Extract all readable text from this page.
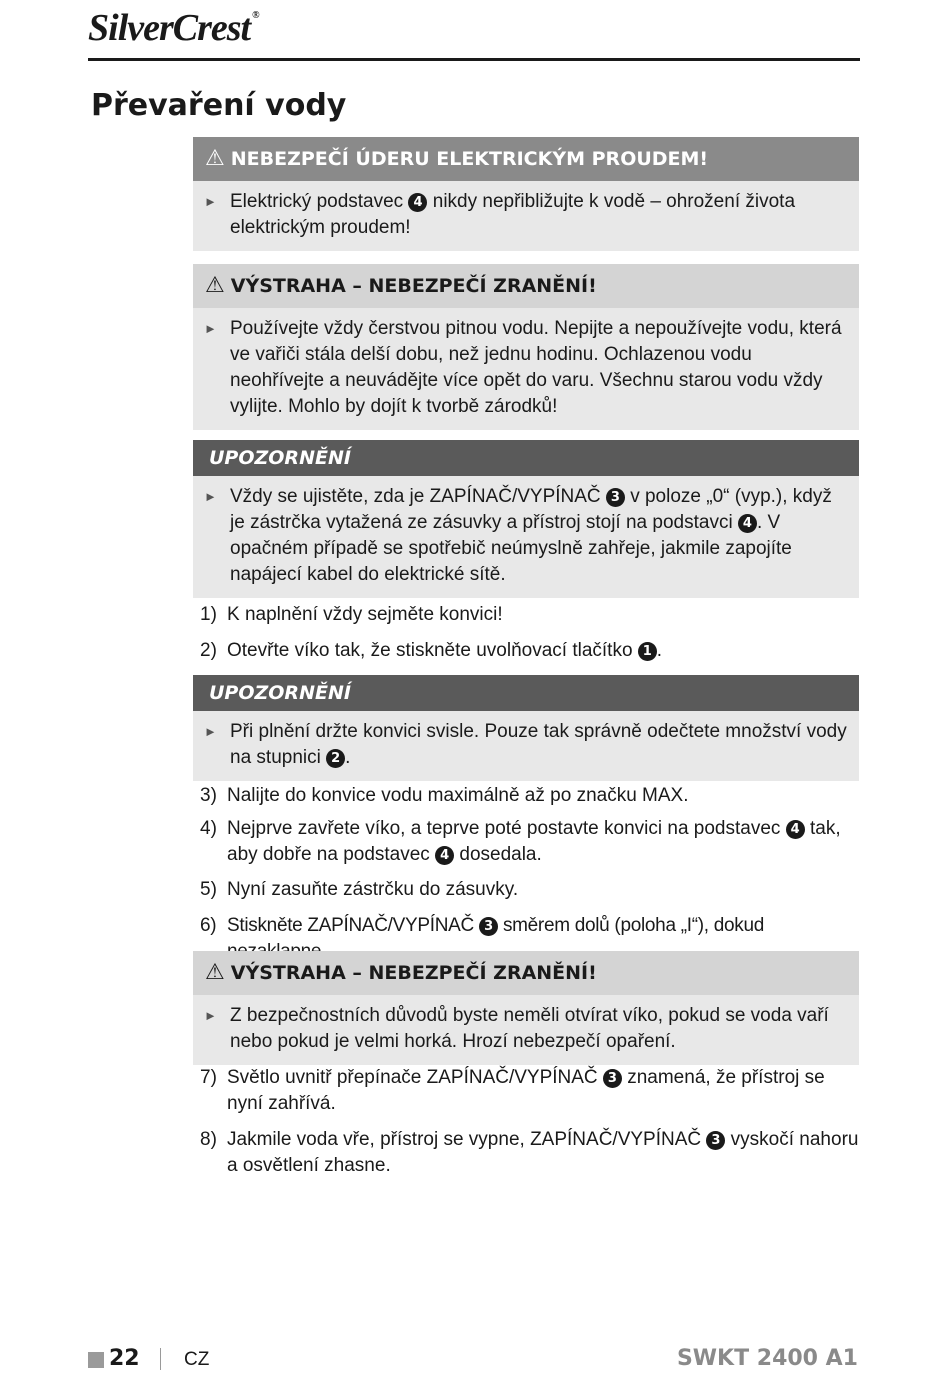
SilverCrest ®
Převaření vody
⚠ NEBEZPEČÍ ÚDERU ELEKTRICKÝM PROUDEM!
► Elektrický podstavec 4 nikdy nepřibližujte k vodě – ohrožení života elektrickým proudem!
⚠ VÝSTRAHA – NEBEZPEČÍ ZRANĚNÍ!
► Používejte vždy čerstvou pitnou vodu. Nepijte a nepoužívejte vodu, která ve vařiči stála delší dobu, než jednu hodinu. Ochlazenou vodu neohřívejte a neuvádějte více opět do varu. Všechnu starou vodu vždy vylijte. Mohlo by dojít k tvorbě zárodků!
UPOZORNĚNÍ
► Vždy se ujistěte, zda je ZAPÍNAČ/VYPÍNAČ 3 v poloze „0“ (vyp.), když je zástrčka vytažená ze zásuvky a přístroj stojí na podstavci 4 . V opačném případě se spotřebič neúmyslně zahřeje, jakmile zapojíte napájecí kabel do elektrické sítě.
1) K naplnění vždy sejměte konvici!
2) Otevřte víko tak, že stiskněte uvolňovací tlačítko 1 .
UPOZORNĚNÍ
► Při plnění držte konvici svisle. Pouze tak správně odečtete množství vody na stupnici 2 .
3) Nalijte do konvice vodu maximálně až po značku MAX.
4) Nejprve zavřete víko, a teprve poté postavte konvici na podstavec 4 tak, aby dobře na podstavec 4 dosedala.
5) Nyní zasuňte zástrčku do zásuvky.
6) Stiskněte ZAPÍNAČ/VYPÍNAČ 3 směrem dolů (poloha „I“), dokud
⚠ VÝSTRAHA – NEBEZPEČÍ ZRANĚNÍ!
► Z bezpečnostních důvodů byste neměli otvírat víko, pokud se voda vaří nebo pokud je velmi horká. Hrozí nebezpečí opaření.
7) Světlo uvnitř přepínače ZAPÍNAČ/VYPÍNAČ 3 znamená, že přístroj se nyní zahřívá.
8) Jakmile voda vře, přístroj se vypne, ZAPÍNAČ/VYPÍNAČ 3 vyskočí nahoru a osvětlení zhasne.
22 CZ	SWKT 2400 A1
